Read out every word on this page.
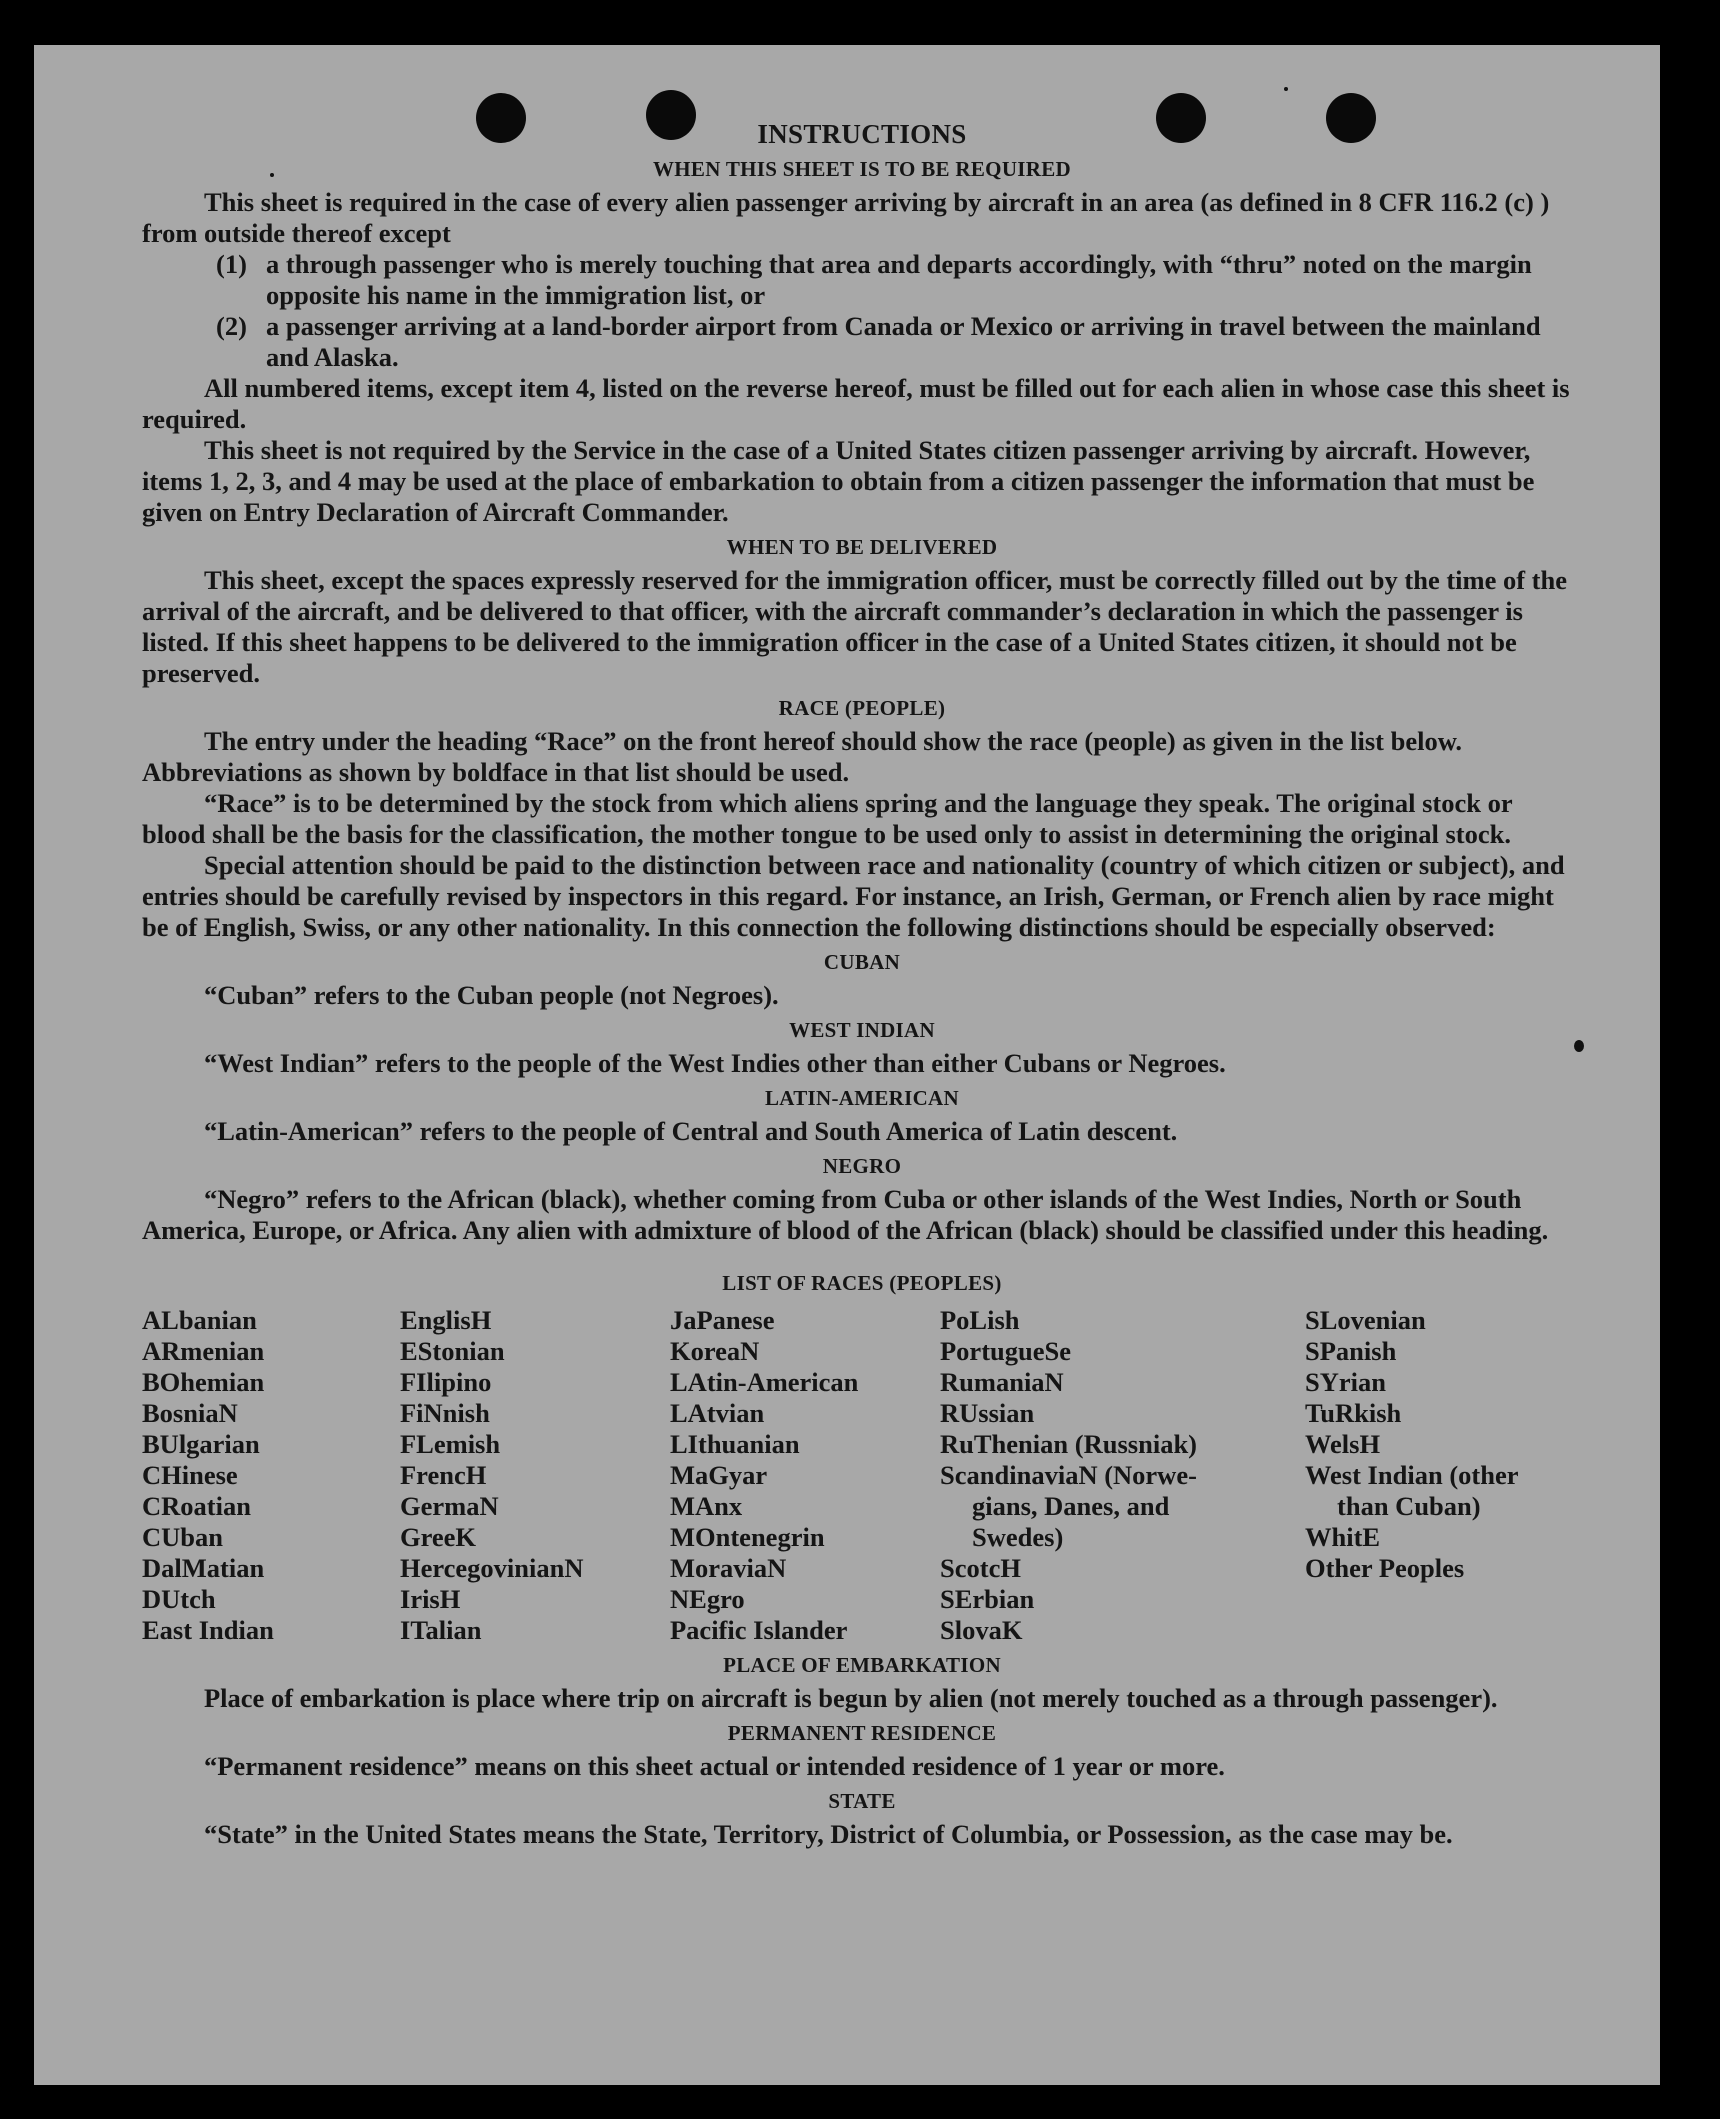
INSTRUCTIONS
WHEN THIS SHEET IS TO BE REQUIRED

This sheet is required in the case of every alien passenger arriving by aircraft in an area (as defined in 8 CFR 116.2 (c) ) from outside thereof except

(1) a through passenger who is merely touching that area and departs accordingly, with “thru” noted on the margin opposite his name in the immigration list, or

(2) a passenger arriving at a land-border airport from Canada or Mexico or arriving in travel between the mainland and Alaska.

All numbered items, except item 4, listed on the reverse hereof, must be filled out for each alien in whose case this sheet is required.

This sheet is not required by the Service in the case of a United States citizen passenger arriving by aircraft. However, items 1, 2, 3, and 4 may be used at the place of embarkation to obtain from a citizen passenger the information that must be given on Entry Declaration of Aircraft Commander.

WHEN TO BE DELIVERED

This sheet, except the spaces expressly reserved for the immigration officer, must be correctly filled out by the time of the arrival of the aircraft, and be delivered to that officer, with the aircraft commander’s declaration in which the passenger is listed. If this sheet happens to be delivered to the immigration officer in the case of a United States citizen, it should not be preserved.

RACE (PEOPLE)

The entry under the heading “Race” on the front hereof should show the race (people) as given in the list below. Abbreviations as shown by boldface in that list should be used.

“Race” is to be determined by the stock from which aliens spring and the language they speak. The original stock or blood shall be the basis for the classification, the mother tongue to be used only to assist in determining the original stock.

Special attention should be paid to the distinction between race and nationality (country of which citizen or subject), and entries should be carefully revised by inspectors in this regard. For instance, an Irish, German, or French alien by race might be of English, Swiss, or any other nationality. In this connection the following distinctions should be especially observed:

CUBAN

“Cuban” refers to the Cuban people (not Negroes).

WEST INDIAN

“West Indian” refers to the people of the West Indies other than either Cubans or Negroes.

LATIN-AMERICAN

“Latin-American” refers to the people of Central and South America of Latin descent.

NEGRO

“Negro” refers to the African (black), whether coming from Cuba or other islands of the West Indies, North or South America, Europe, or Africa. Any alien with admixture of blood of the African (black) should be classified under this heading.

LIST OF RACES (PEOPLES)
ALbanian
ARmenian
BOhemian
BosniaN
BUlgarian
CHinese
CRoatian
CUban
DalMatian
DUtch
East Indian
EnglisH
EStonian
FIlipino
FiNnish
FLemish
FrencH
GermaN
GreeK
HercegovinianN
IrisH
ITalian
JaPanese
KoreaN
LAtin-American
LAtvian
LIthuanian
MaGyar
MAnx
MOntenegrin
MoraviaN
NEgro
Pacific Islander
PoLish
PortugueSe
RumaniaN
RUssian
RuThenian (Russniak)
ScandinaviaN (Norwe-
gians, Danes, and
Swedes)
ScotcH
SErbian
SlovaK
SLovenian
SPanish
SYrian
TuRkish
WelsH
West Indian (other
than Cuban)
WhitE
Other Peoples
PLACE OF EMBARKATION

Place of embarkation is place where trip on aircraft is begun by alien (not merely touched as a through passenger).

PERMANENT RESIDENCE

“Permanent residence” means on this sheet actual or intended residence of 1 year or more.

STATE

“State” in the United States means the State, Territory, District of Columbia, or Possession, as the case may be.
